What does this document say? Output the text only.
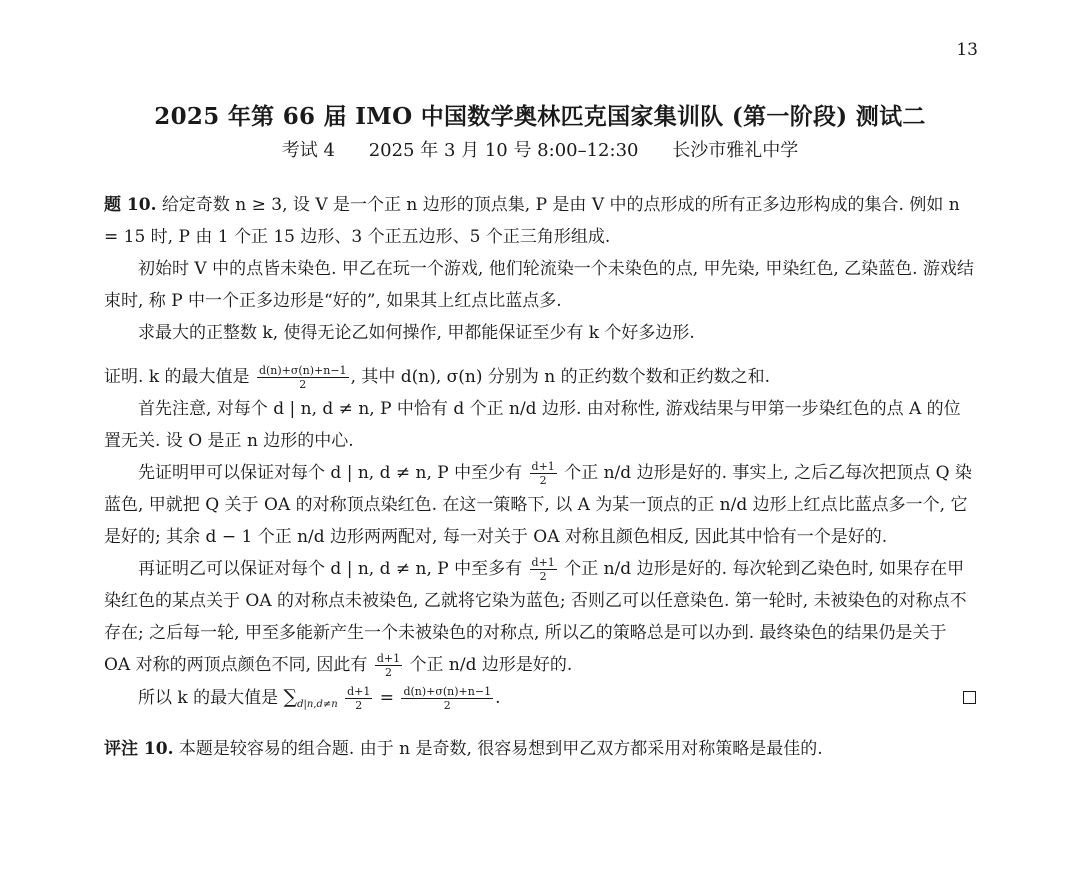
13
2025 年第 66 届 IMO 中国数学奥林匹克国家集训队 (第一阶段) 测试二
考试 4 2025 年 3 月 10 号 8:00–12:30 长沙市雅礼中学

题 10. 给定奇数 n ≥ 3, 设 V 是一个正 n 边形的顶点集, P 是由 V 中的点形成的所有正多边形构成的集合. 例如 n = 15 时, P 由 1 个正 15 边形、3 个正五边形、5 个正三角形组成.

初始时 V 中的点皆未染色. 甲乙在玩一个游戏, 他们轮流染一个未染色的点, 甲先染, 甲染红色, 乙染蓝色. 游戏结束时, 称 P 中一个正多边形是“好的”, 如果其上红点比蓝点多.

求最大的正整数 k, 使得无论乙如何操作, 甲都能保证至少有 k 个好多边形.

证明. k 的最大值是 $\frac{d(n)+\sigma(n)+n-1}{2}$ , 其中 d(n), σ(n) 分别为 n 的正约数个数和正约数之和.

首先注意, 对每个 d | n, d ≠ n, P 中恰有 d 个正 n/d 边形. 由对称性, 游戏结果与甲第一步染红色的点 A 的位置无关. 设 O 是正 n 边形的中心.

先证明甲可以保证对每个 d | n, d ≠ n, P 中至少有 $\frac{d+1}{2}$ 个正 n/d 边形是好的. 事实上, 之后乙每次把顶点 Q 染蓝色, 甲就把 Q 关于 OA 的对称顶点染红色. 在这一策略下, 以 A 为某一顶点的正 n/d 边形上红点比蓝点多一个, 它是好的; 其余 d − 1 个正 n/d 边形两两配对, 每一对关于 OA 对称且颜色相反, 因此其中恰有一个是好的.

再证明乙可以保证对每个 d | n, d ≠ n, P 中至多有 $\frac{d+1}{2}$ 个正 n/d 边形是好的. 每次轮到乙染色时, 如果存在甲染红色的某点关于 OA 的对称点未被染色, 乙就将它染为蓝色; 否则乙可以任意染色. 第一轮时, 未被染色的对称点不存在; 之后每一轮, 甲至多能新产生一个未被染色的对称点, 所以乙的策略总是可以办到. 最终染色的结果仍是关于 OA 对称的两顶点颜色不同, 因此有 $\frac{d+1}{2}$ 个正 n/d 边形是好的.

所以 k 的最大值是 $\sum_{d|n,d\ne n} \frac{d+1}{2} = \frac{d(n)+\sigma(n)+n-1}{2}$ .

评注 10. 本题是较容易的组合题. 由于 n 是奇数, 很容易想到甲乙双方都采用对称策略是最佳的.
